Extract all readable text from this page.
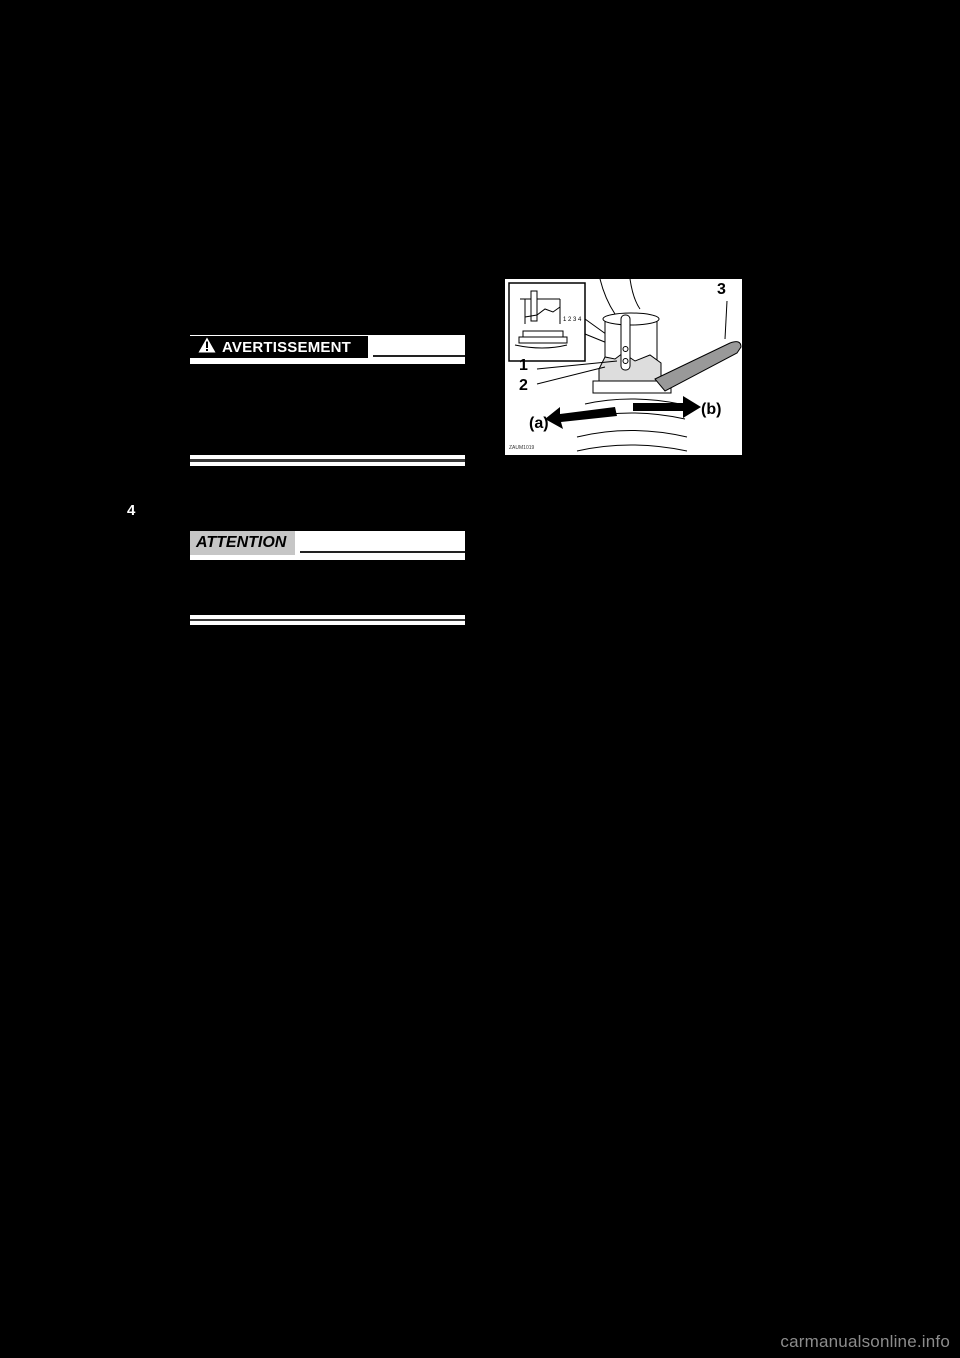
4
AVERTISSEMENT
ATTENTION
1 2 3 4
1
2
3
(a)
(b)
ZAUM1019
carmanualsonline.info
